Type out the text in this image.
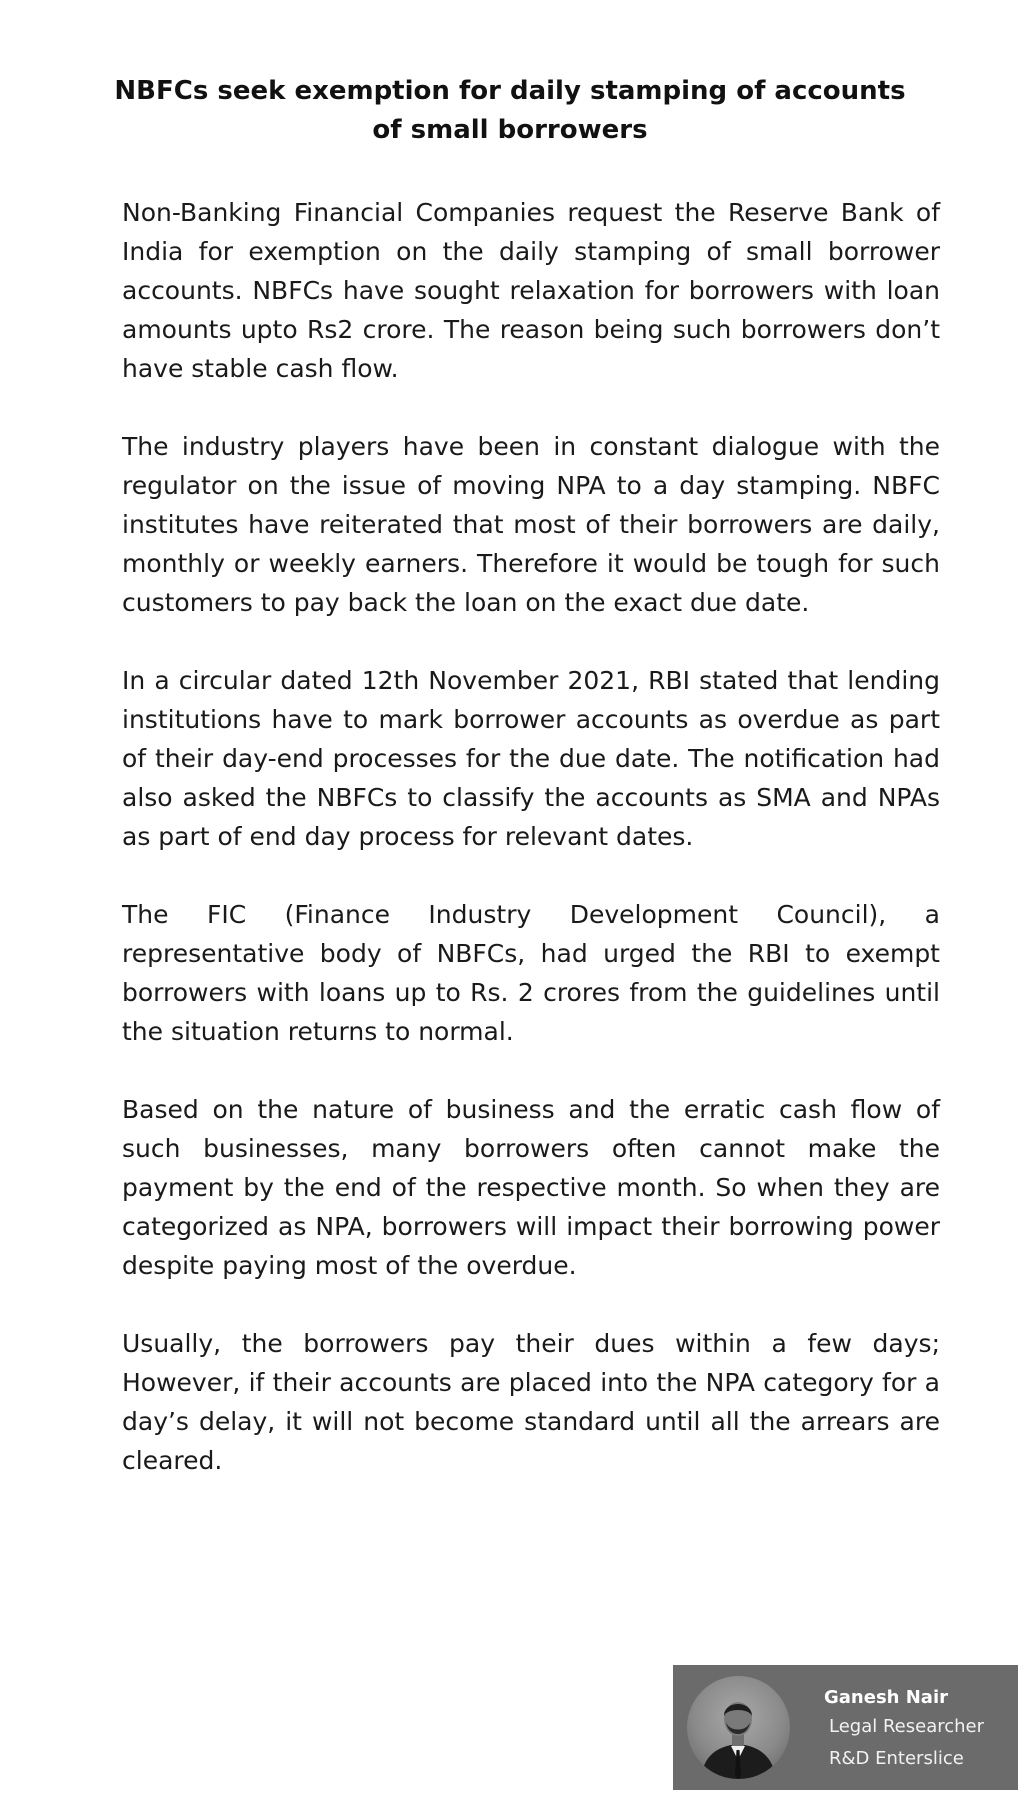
NBFCs seek exemption for daily stamping of accounts of small borrowers

Non-Banking Financial Companies request the Reserve Bank of India for exemption on the daily stamping of small borrower accounts. NBFCs have sought relaxation for borrowers with loan amounts upto Rs2 crore. The reason being such borrowers don’t have stable cash flow.

The industry players have been in constant dialogue with the regulator on the issue of moving NPA to a day stamping. NBFC institutes have reiterated that most of their borrowers are daily, monthly or weekly earners. Therefore it would be tough for such customers to pay back the loan on the exact due date.

In a circular dated 12th November 2021, RBI stated that lending institutions have to mark borrower accounts as overdue as part of their day-end processes for the due date. The notification had also asked the NBFCs to classify the accounts as SMA and NPAs as part of end day process for relevant dates.

The FIC (Finance Industry Development Council), a representative body of NBFCs, had urged the RBI to exempt borrowers with loans up to Rs. 2 crores from the guidelines until the situation returns to normal.

Based on the nature of business and the erratic cash flow of such businesses, many borrowers often cannot make the payment by the end of the respective month. So when they are categorized as NPA, borrowers will impact their borrowing power despite paying most of the overdue.

Usually, the borrowers pay their dues within a few days; However, if their accounts are placed into the NPA category for a day’s delay, it will not become standard until all the arrears are cleared.

Ganesh Nair
Legal Researcher
R&D Enterslice
